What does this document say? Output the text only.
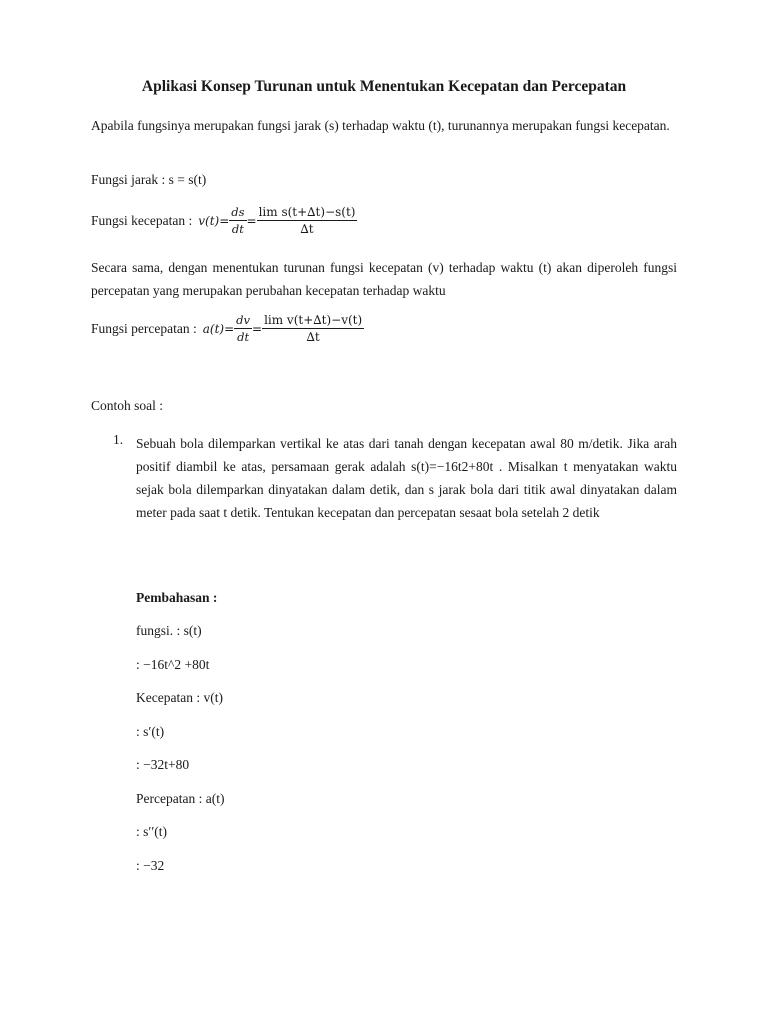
Aplikasi Konsep Turunan untuk Menentukan Kecepatan dan Percepatan
Apabila fungsinya merupakan fungsi jarak (s) terhadap waktu (t), turunannya merupakan fungsi kecepatan.
Fungsi jarak : s = s(t)
Fungsi kecepatan : $v(t)= \frac{ds}{dt} = \frac{\text{lim s(t+∆t)−s(t)}}{\Delta t}$
Secara sama, dengan menentukan turunan fungsi kecepatan (v) terhadap waktu (t) akan diperoleh fungsi percepatan yang merupakan perubahan kecepatan terhadap waktu
Fungsi percepatan : $a(t)= \frac{dv}{dt} = \frac{\text{lim v(t+∆t)−v(t)}}{\Delta t}$
Contoh soal :
1. Sebuah bola dilemparkan vertikal ke atas dari tanah dengan kecepatan awal 80 m/detik. Jika arah positif diambil ke atas, persamaan gerak adalah s(t)=−16t2+80t . Misalkan t menyatakan waktu sejak bola dilemparkan dinyatakan dalam detik, dan s jarak bola dari titik awal dinyatakan dalam meter pada saat t detik. Tentukan kecepatan dan percepatan sesaat bola setelah 2 detik
Pembahasan :
fungsi. : s(t)
: −16t^2 +80t
Kecepatan : v(t)
: s′(t)
: −32t+80
Percepatan : a(t)
: s′′(t)
: −32
